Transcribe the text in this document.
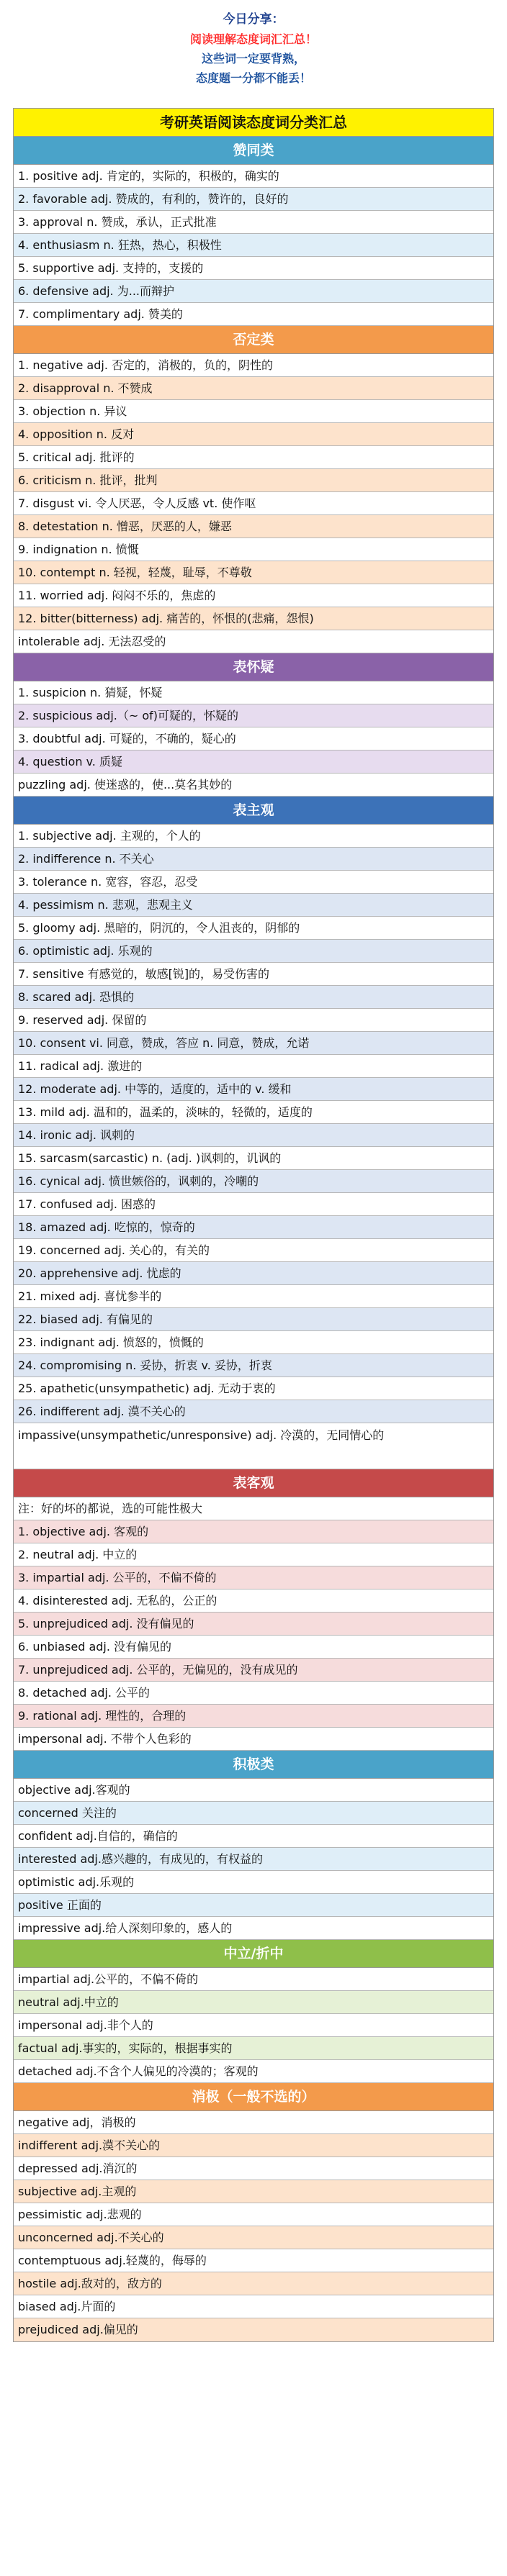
今日分享：
阅读理解态度词汇汇总！
这些词一定要背熟，
态度题一分都不能丢！
考研英语阅读态度词分类汇总
赞同类
1. positive adj. 肯定的，实际的，积极的，确实的
2. favorable adj. 赞成的，有利的，赞许的，良好的
3. approval n. 赞成，承认，正式批准
4. enthusiasm n. 狂热，热心，积极性
5. supportive adj. 支持的，支援的
6. defensive adj. 为...而辩护
7. complimentary adj. 赞美的
否定类
1. negative adj. 否定的，消极的，负的，阴性的
2. disapproval n. 不赞成
3. objection n. 异议
4. opposition n. 反对
5. critical adj. 批评的
6. criticism n. 批评，批判
7. disgust vi. 令人厌恶，令人反感 vt. 使作呕
8. detestation n. 憎恶，厌恶的人，嫌恶
9. indignation n. 愤慨
10. contempt n. 轻视，轻蔑，耻辱，不尊敬
11. worried adj. 闷闷不乐的，焦虑的
12. bitter(bitterness) adj. 痛苦的，怀恨的(悲痛，怨恨)
intolerable adj. 无法忍受的
表怀疑
1. suspicion n. 猜疑，怀疑
2. suspicious adj.（~ of)可疑的，怀疑的
3. doubtful adj. 可疑的，不确的，疑心的
4. question v. 质疑
puzzling adj. 使迷惑的，使...莫名其妙的
表主观
1. subjective adj. 主观的，个人的
2. indifference n. 不关心
3. tolerance n. 宽容，容忍，忍受
4. pessimism n. 悲观，悲观主义
5. gloomy adj. 黑暗的，阴沉的，令人沮丧的，阴郁的
6. optimistic adj. 乐观的
7. sensitive 有感觉的，敏感[锐]的，易受伤害的
8. scared adj. 恐惧的
9. reserved adj. 保留的
10. consent vi. 同意，赞成，答应 n. 同意，赞成，允诺
11. radical adj. 激进的
12. moderate adj. 中等的，适度的，适中的 v. 缓和
13. mild adj. 温和的，温柔的，淡味的，轻微的，适度的
14. ironic adj. 讽刺的
15. sarcasm(sarcastic) n. (adj. )讽刺的，讥讽的
16. cynical adj. 愤世嫉俗的，讽刺的，冷嘲的
17. confused adj. 困惑的
18. amazed adj. 吃惊的，惊奇的
19. concerned adj. 关心的，有关的
20. apprehensive adj. 忧虑的
21. mixed adj. 喜忧参半的
22. biased adj. 有偏见的
23. indignant adj. 愤怒的，愤慨的
24. compromising n. 妥协，折衷 v. 妥协，折衷
25. apathetic(unsympathetic) adj. 无动于衷的
26. indifferent adj. 漠不关心的
impassive(unsympathetic/unresponsive) adj. 冷漠的，无同情心的
表客观
注：好的坏的都说，选的可能性极大
1. objective adj. 客观的
2. neutral adj. 中立的
3. impartial adj. 公平的，不偏不倚的
4. disinterested adj. 无私的，公正的
5. unprejudiced adj. 没有偏见的
6. unbiased adj. 没有偏见的
7. unprejudiced adj. 公平的，无偏见的，没有成见的
8. detached adj. 公平的
9. rational adj. 理性的，合理的
impersonal adj. 不带个人色彩的
积极类
objective adj.客观的
concerned 关注的
confident adj.自信的，确信的
interested adj.感兴趣的，有成见的，有权益的
optimistic adj.乐观的
positive 正面的
impressive adj.给人深刻印象的，感人的
中立/折中
impartial adj.公平的，不偏不倚的
neutral adj.中立的
impersonal adj.非个人的
factual adj.事实的，实际的，根据事实的
detached adj.不含个人偏见的冷漠的；客观的
消极（一般不选的）
negative adj，消极的
indifferent adj.漠不关心的
depressed adj.消沉的
subjective adj.主观的
pessimistic adj.悲观的
unconcerned adj.不关心的
contemptuous adj.轻蔑的，侮辱的
hostile adj.敌对的，敌方的
biased adj.片面的
prejudiced adj.偏见的
